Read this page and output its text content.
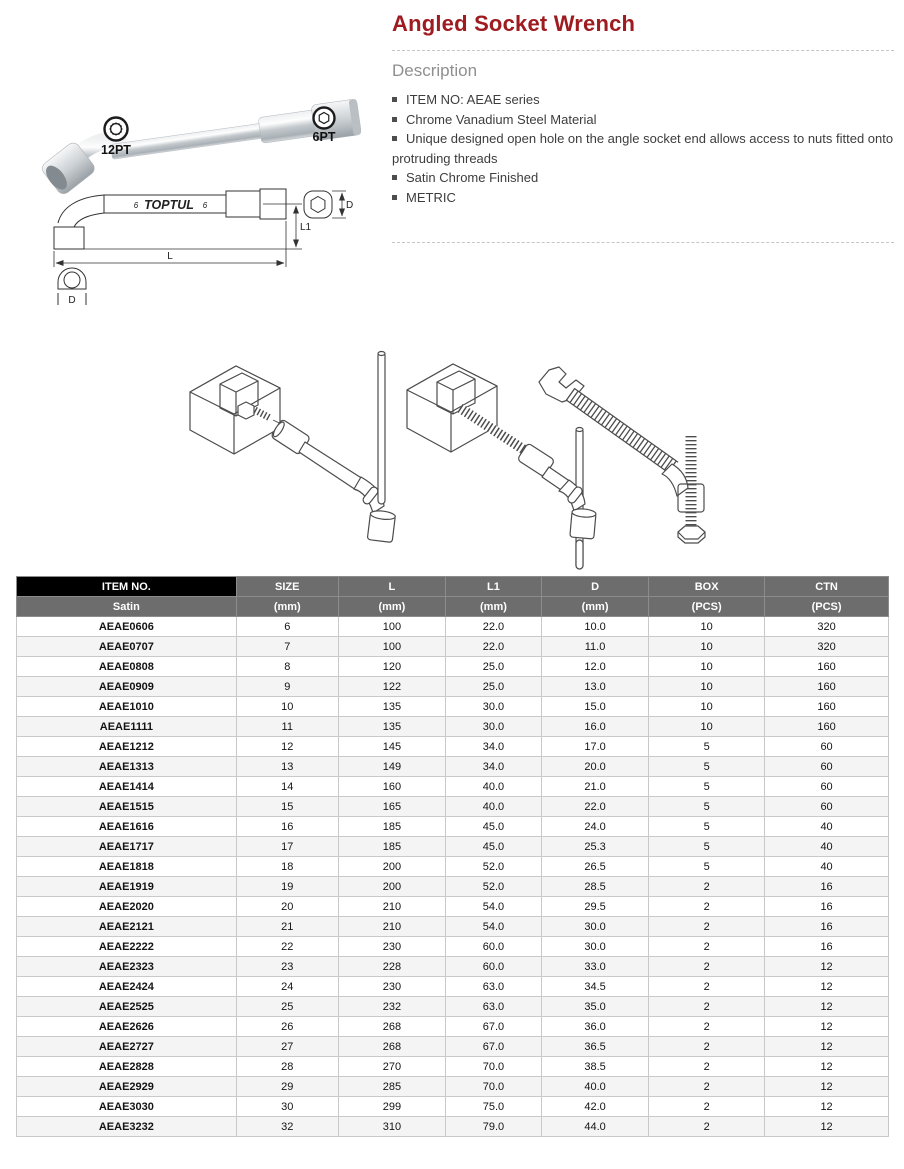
12PT
6PT
6 TOPTUL 6
L1
L
D
D
Angled Socket Wrench
Description
ITEM NO: AEAE series
Chrome Vanadium Steel Material
Unique designed open hole on the angle socket end allows access to nuts fitted onto protruding threads
Satin Chrome Finished
METRIC
ITEM NO.	SIZE	L	L1	D	BOX	CTN
Satin	(mm)	(mm)	(mm)	(mm)	(PCS)	(PCS)
AEAE0606	6	100	22.0	10.0	10	320
AEAE0707	7	100	22.0	11.0	10	320
AEAE0808	8	120	25.0	12.0	10	160
AEAE0909	9	122	25.0	13.0	10	160
AEAE1010	10	135	30.0	15.0	10	160
AEAE1111	11	135	30.0	16.0	10	160
AEAE1212	12	145	34.0	17.0	5	60
AEAE1313	13	149	34.0	20.0	5	60
AEAE1414	14	160	40.0	21.0	5	60
AEAE1515	15	165	40.0	22.0	5	60
AEAE1616	16	185	45.0	24.0	5	40
AEAE1717	17	185	45.0	25.3	5	40
AEAE1818	18	200	52.0	26.5	5	40
AEAE1919	19	200	52.0	28.5	2	16
AEAE2020	20	210	54.0	29.5	2	16
AEAE2121	21	210	54.0	30.0	2	16
AEAE2222	22	230	60.0	30.0	2	16
AEAE2323	23	228	60.0	33.0	2	12
AEAE2424	24	230	63.0	34.5	2	12
AEAE2525	25	232	63.0	35.0	2	12
AEAE2626	26	268	67.0	36.0	2	12
AEAE2727	27	268	67.0	36.5	2	12
AEAE2828	28	270	70.0	38.5	2	12
AEAE2929	29	285	70.0	40.0	2	12
AEAE3030	30	299	75.0	42.0	2	12
AEAE3232	32	310	79.0	44.0	2	12
